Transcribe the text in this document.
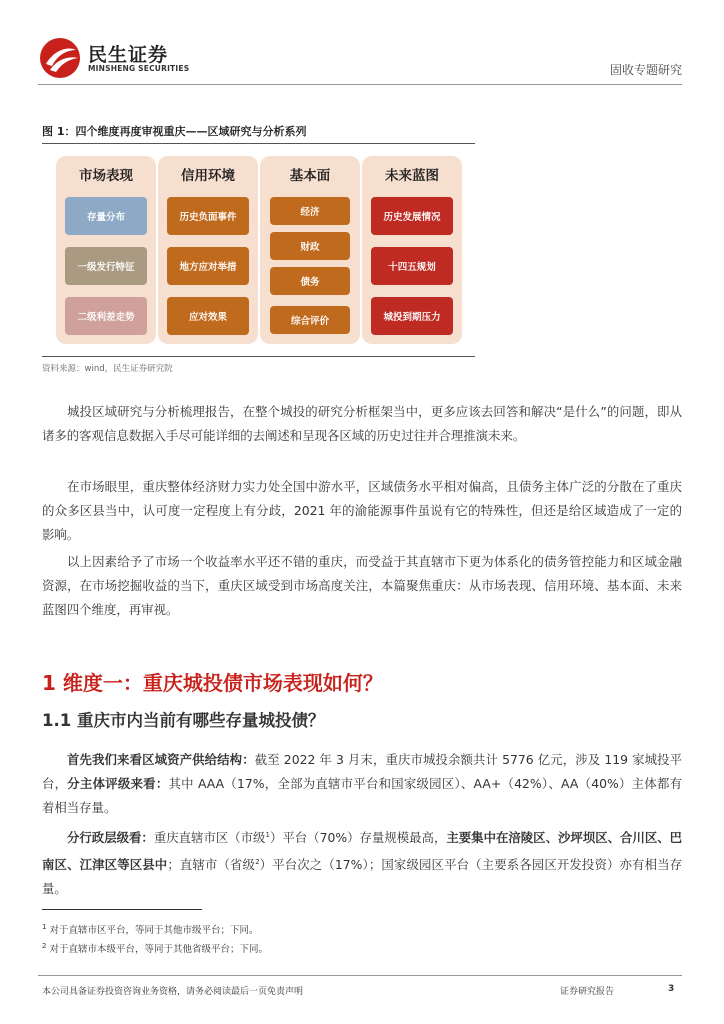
民生证券
MINSHENG SECURITIES	固收专题研究
图 1：四个维度再度审视重庆——区域研究与分析系列
市场表现
存量分布
一级发行特征
二级利差走势
信用环境
历史负面事件
地方应对举措
应对效果
基本面
经济
财政
债务
综合评价
未来蓝图
历史发展情况
十四五规划
城投到期压力
资料来源：wind，民生证券研究院

城投区域研究与分析梳理报告，在整个城投的研究分析框架当中，更多应该去回答和解决“是什么”的问题，即从诸多的客观信息数据入手尽可能详细的去阐述和呈现各区域的历史过往并合理推演未来。

在市场眼里，重庆整体经济财力实力处全国中游水平，区域债务水平相对偏高，且债务主体广泛的分散在了重庆的众多区县当中，认可度一定程度上有分歧，2021 年的渝能源事件虽说有它的特殊性，但还是给区域造成了一定的影响。

以上因素给予了市场一个收益率水平还不错的重庆，而受益于其直辖市下更为体系化的债务管控能力和区域金融资源，在市场挖掘收益的当下，重庆区域受到市场高度关注，本篇聚焦重庆：从市场表现、信用环境、基本面、未来蓝图四个维度，再审视。

1 维度一：重庆城投债市场表现如何？
1.1 重庆市内当前有哪些存量城投债？

首先我们来看区域资产供给结构：截至 2022 年 3 月末，重庆市城投余额共计 5776 亿元，涉及 119 家城投平台，分主体评级来看：其中 AAA（17%，全部为直辖市平台和国家级园区）、AA+（42%）、AA（40%）主体都有着相当存量。

分行政层级看：重庆直辖市区（市级$^1$）平台（70%）存量规模最高，主要集中在涪陵区、沙坪坝区、合川区、巴南区、江津区等区县中；直辖市（省级$^2$）平台次之（17%）；国家级园区平台（主要系各园区开发投资）亦有相当存量。

$^1$ 对于直辖市区平台，等同于其他市级平台；下同。
$^2$ 对于直辖市本级平台，等同于其他省级平台；下同。
本公司具备证券投资咨询业务资格，请务必阅读最后一页免责声明	证券研究报告	3
